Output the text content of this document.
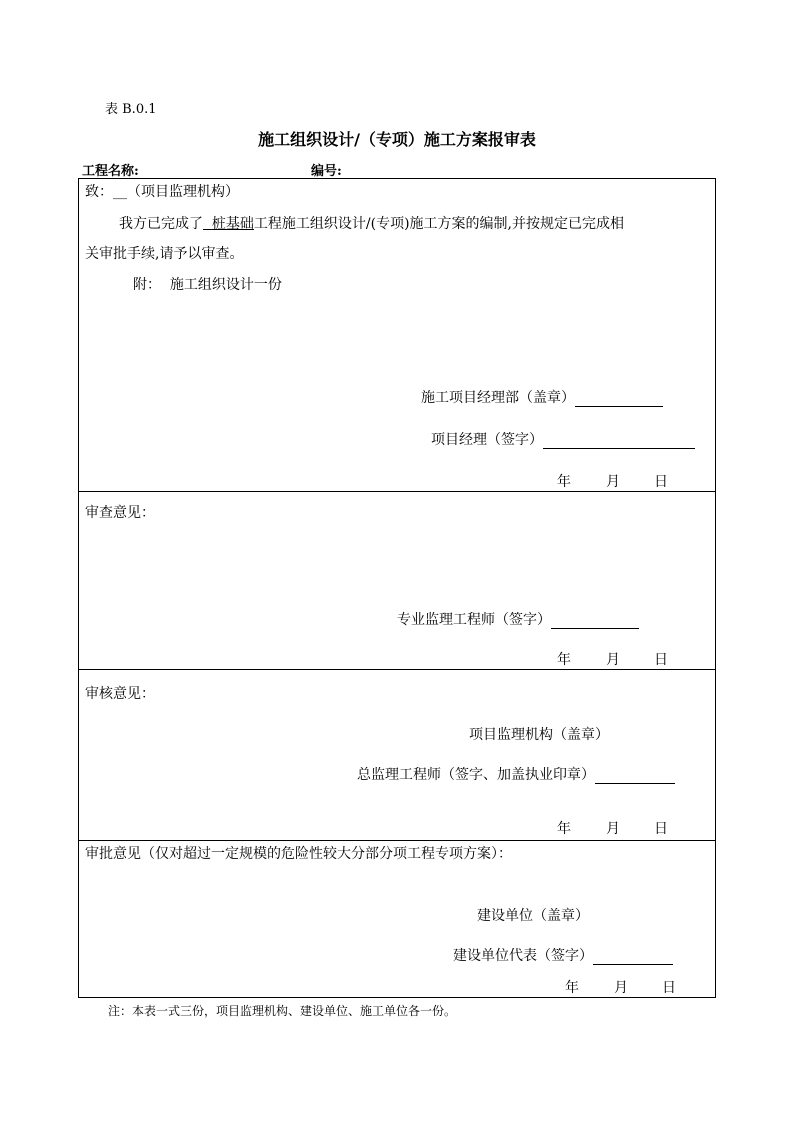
表 B.0.1
施工组织设计/（专项）施工方案报审表
工程名称:	编号:
致：__（项目监理机构）
我方已完成了 桩基础工程施工组织设计/(专项)施工方案的编制,并按规定已完成相
关审批手续,请予以审查。
附： 施工组织设计一份
施工项目经理部（盖章）
项目经理（签字）
年	月 日
审查意见：
专业监理工程师（签字）
年	月 日
审核意见：
项目监理机构（盖章）
总监理工程师（签字、加盖执业印章）
年	月 日
审批意见（仅对超过一定规模的危险性较大分部分项工程专项方案）：
建设单位（盖章）
建设单位代表（签字）
年	月 日
注：本表一式三份，项目监理机构、建设单位、施工单位各一份。
